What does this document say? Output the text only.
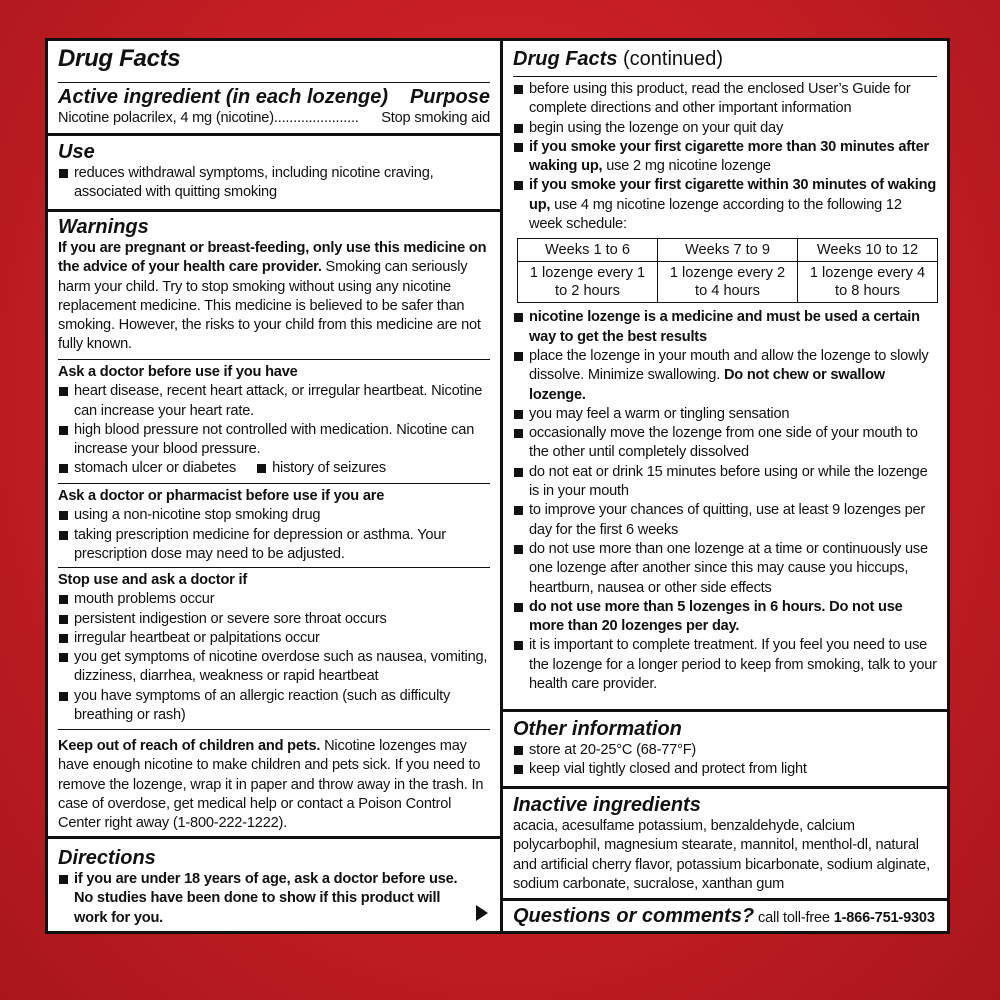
Drug Facts
Active ingredient (in each lozenge) Purpose
Nicotine polacrilex, 4 mg (nicotine)...................... Stop smoking aid
Use
reduces withdrawal symptoms, including nicotine craving, associated with quitting smoking
Warnings
If you are pregnant or breast-feeding, only use this medicine on the advice of your health care provider. Smoking can seriously harm your child. Try to stop smoking without using any nicotine replacement medicine. This medicine is believed to be safer than smoking. However, the risks to your child from this medicine are not fully known.
Ask a doctor before use if you have
heart disease, recent heart attack, or irregular heartbeat. Nicotine can increase your heart rate.
high blood pressure not controlled with medication. Nicotine can increase your blood pressure.
stomach ulcer or diabetes	history of seizures
Ask a doctor or pharmacist before use if you are
using a non-nicotine stop smoking drug
taking prescription medicine for depression or asthma. Your prescription dose may need to be adjusted.
Stop use and ask a doctor if
mouth problems occur
persistent indigestion or severe sore throat occurs
irregular heartbeat or palpitations occur
you get symptoms of nicotine overdose such as nausea, vomiting, dizziness, diarrhea, weakness or rapid heartbeat
you have symptoms of an allergic reaction (such as difficulty breathing or rash)
Keep out of reach of children and pets. Nicotine lozenges may have enough nicotine to make children and pets sick. If you need to remove the lozenge, wrap it in paper and throw away in the trash. In case of overdose, get medical help or contact a Poison Control Center right away (1-800-222-1222).
Directions
if you are under 18 years of age, ask a doctor before use. No studies have been done to show if this product will work for you.
Drug Facts (continued)
before using this product, read the enclosed User’s Guide for complete directions and other important information
begin using the lozenge on your quit day
if you smoke your first cigarette more than 30 minutes after waking up, use 2 mg nicotine lozenge
if you smoke your first cigarette within 30 minutes of waking up, use 4 mg nicotine lozenge according to the following 12 week schedule:
Weeks 1 to 6	Weeks 7 to 9	Weeks 10 to 12
1 lozenge every 1 to 2 hours	1 lozenge every 2 to 4 hours	1 lozenge every 4 to 8 hours
nicotine lozenge is a medicine and must be used a certain way to get the best results
place the lozenge in your mouth and allow the lozenge to slowly dissolve. Minimize swallowing. Do not chew or swallow lozenge.
you may feel a warm or tingling sensation
occasionally move the lozenge from one side of your mouth to the other until completely dissolved
do not eat or drink 15 minutes before using or while the lozenge is in your mouth
to improve your chances of quitting, use at least 9 lozenges per day for the first 6 weeks
do not use more than one lozenge at a time or continuously use one lozenge after another since this may cause you hiccups, heartburn, nausea or other side effects
do not use more than 5 lozenges in 6 hours. Do not use more than 20 lozenges per day.
it is important to complete treatment. If you feel you need to use the lozenge for a longer period to keep from smoking, talk to your health care provider.
Other information
store at 20-25°C (68-77°F)
keep vial tightly closed and protect from light
Inactive ingredients
acacia, acesulfame potassium, benzaldehyde, calcium polycarbophil, magnesium stearate, mannitol, menthol-dl, natural and artificial cherry flavor, potassium bicarbonate, sodium alginate, sodium carbonate, sucralose, xanthan gum
Questions or comments? call toll-free 1-866-751-9303
